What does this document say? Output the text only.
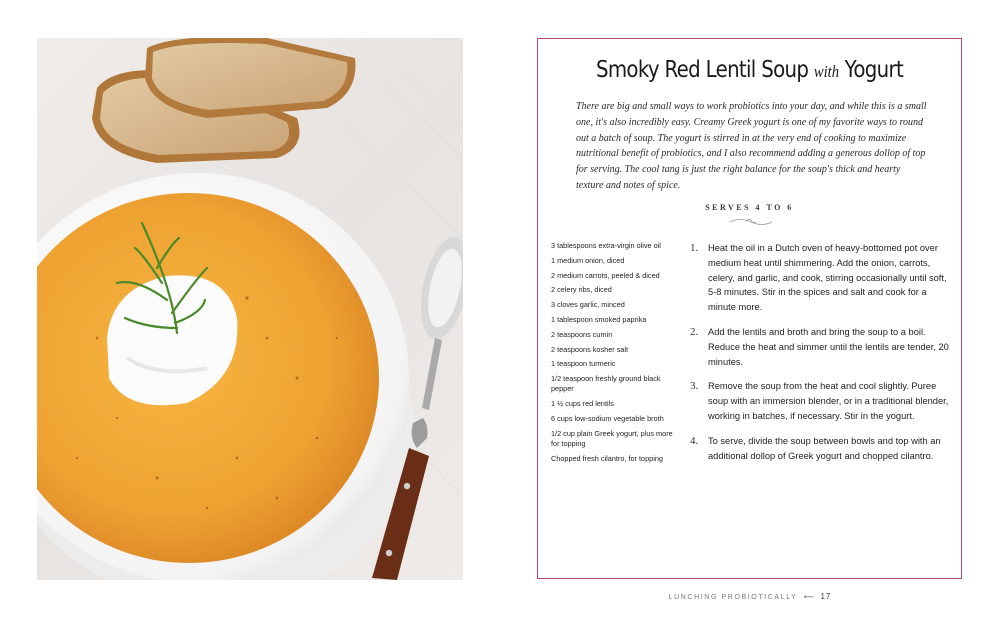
Smoky Red Lentil Soup with Yogurt
There are big and small ways to work probiotics into your day, and while this is a small one, it's also incredibly easy. Creamy Greek yogurt is one of my favorite ways to round out a batch of soup. The yogurt is stirred in at the very end of cooking to maximize nutritional benefit of probiotics, and I also recommend adding a generous dollop of top for serving. The cool tang is just the right balance for the soup's thick and hearty texture and notes of spice.
SERVES 4 TO 6
3 tablespoons extra-virgin olive oil
1 medium onion, diced
2 medium carrots, peeled & diced
2 celery ribs, diced
3 cloves garlic, minced
1 tablespoon smoked paprika
2 teaspoons cumin
2 teaspoons kosher salt
1 teaspoon turmeric
1/2 teaspoon freshly ground black pepper
1 ½ cups red lentils
6 cups low-sodium vegetable broth
1/2 cup plain Greek yogurt, plus more for topping
Chopped fresh cilantro, for topping
1. Heat the oil in a Dutch oven of heavy-bottomed pot over medium heat until shimmering. Add the onion, carrots, celery, and garlic, and cook, stirring occasionally until soft, 5-8 minutes. Stir in the spices and salt and cook for a minute more.
2. Add the lentils and broth and bring the soup to a boil. Reduce the heat and simmer until the lentils are tender, 20 minutes.
3. Remove the soup from the heat and cool slightly. Puree soup with an immersion blender, or in a traditional blender, working in batches, if necessary. Stir in the yogurt.
4. To serve, divide the soup between bowls and top with an additional dollop of Greek yogurt and chopped cilantro.
LUNCHING PROBIOTICALLY ⟵ 17
